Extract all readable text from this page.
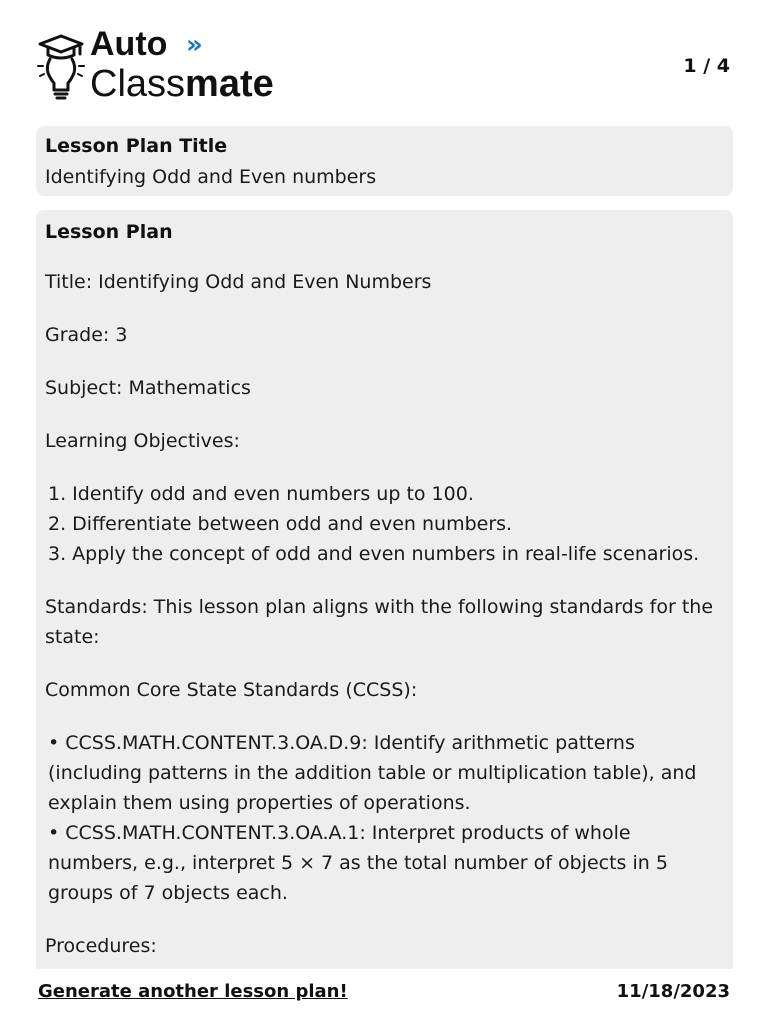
Auto »
Classmate	1 / 4
Lesson Plan Title
Identifying Odd and Even numbers
Lesson Plan

Title: Identifying Odd and Even Numbers

Grade: 3

Subject: Mathematics

Learning Objectives:

1. Identify odd and even numbers up to 100.
2. Differentiate between odd and even numbers.
3. Apply the concept of odd and even numbers in real-life scenarios.

Standards: This lesson plan aligns with the following standards for the state:

Common Core State Standards (CCSS):

• CCSS.MATH.CONTENT.3.OA.D.9: Identify arithmetic patterns (including patterns in the addition table or multiplication table), and explain them using properties of operations.
• CCSS.MATH.CONTENT.3.OA.A.1: Interpret products of whole numbers, e.g., interpret 5 × 7 as the total number of objects in 5 groups of 7 objects each.

Procedures:

Generate another lesson plan!	11/18/2023
